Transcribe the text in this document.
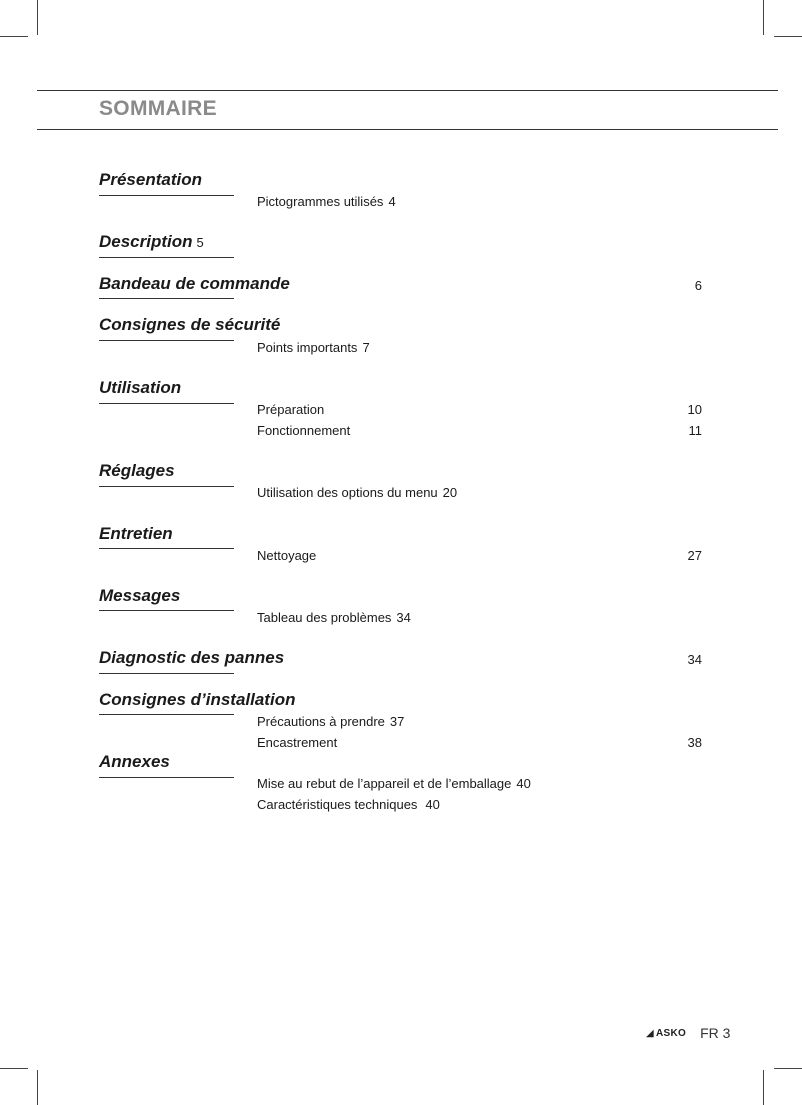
SOMMAIRE
Présentation
Pictogrammes utilisés 4
Description 5
Bandeau de commande	6
Consignes de sécurité
Points importants 7
Utilisation
Préparation	10
Fonctionnement	11
Réglages
Utilisation des options du menu 20
Entretien
Nettoyage	27
Messages
Tableau des problèmes 34
Diagnostic des pannes	34
Consignes d’installation
Précautions à prendre 37
Encastrement	38
Annexes
Mise au rebut de l’appareil et de l’emballage 40
Caractéristiques techniques 40
◢ ASKO FR 3
